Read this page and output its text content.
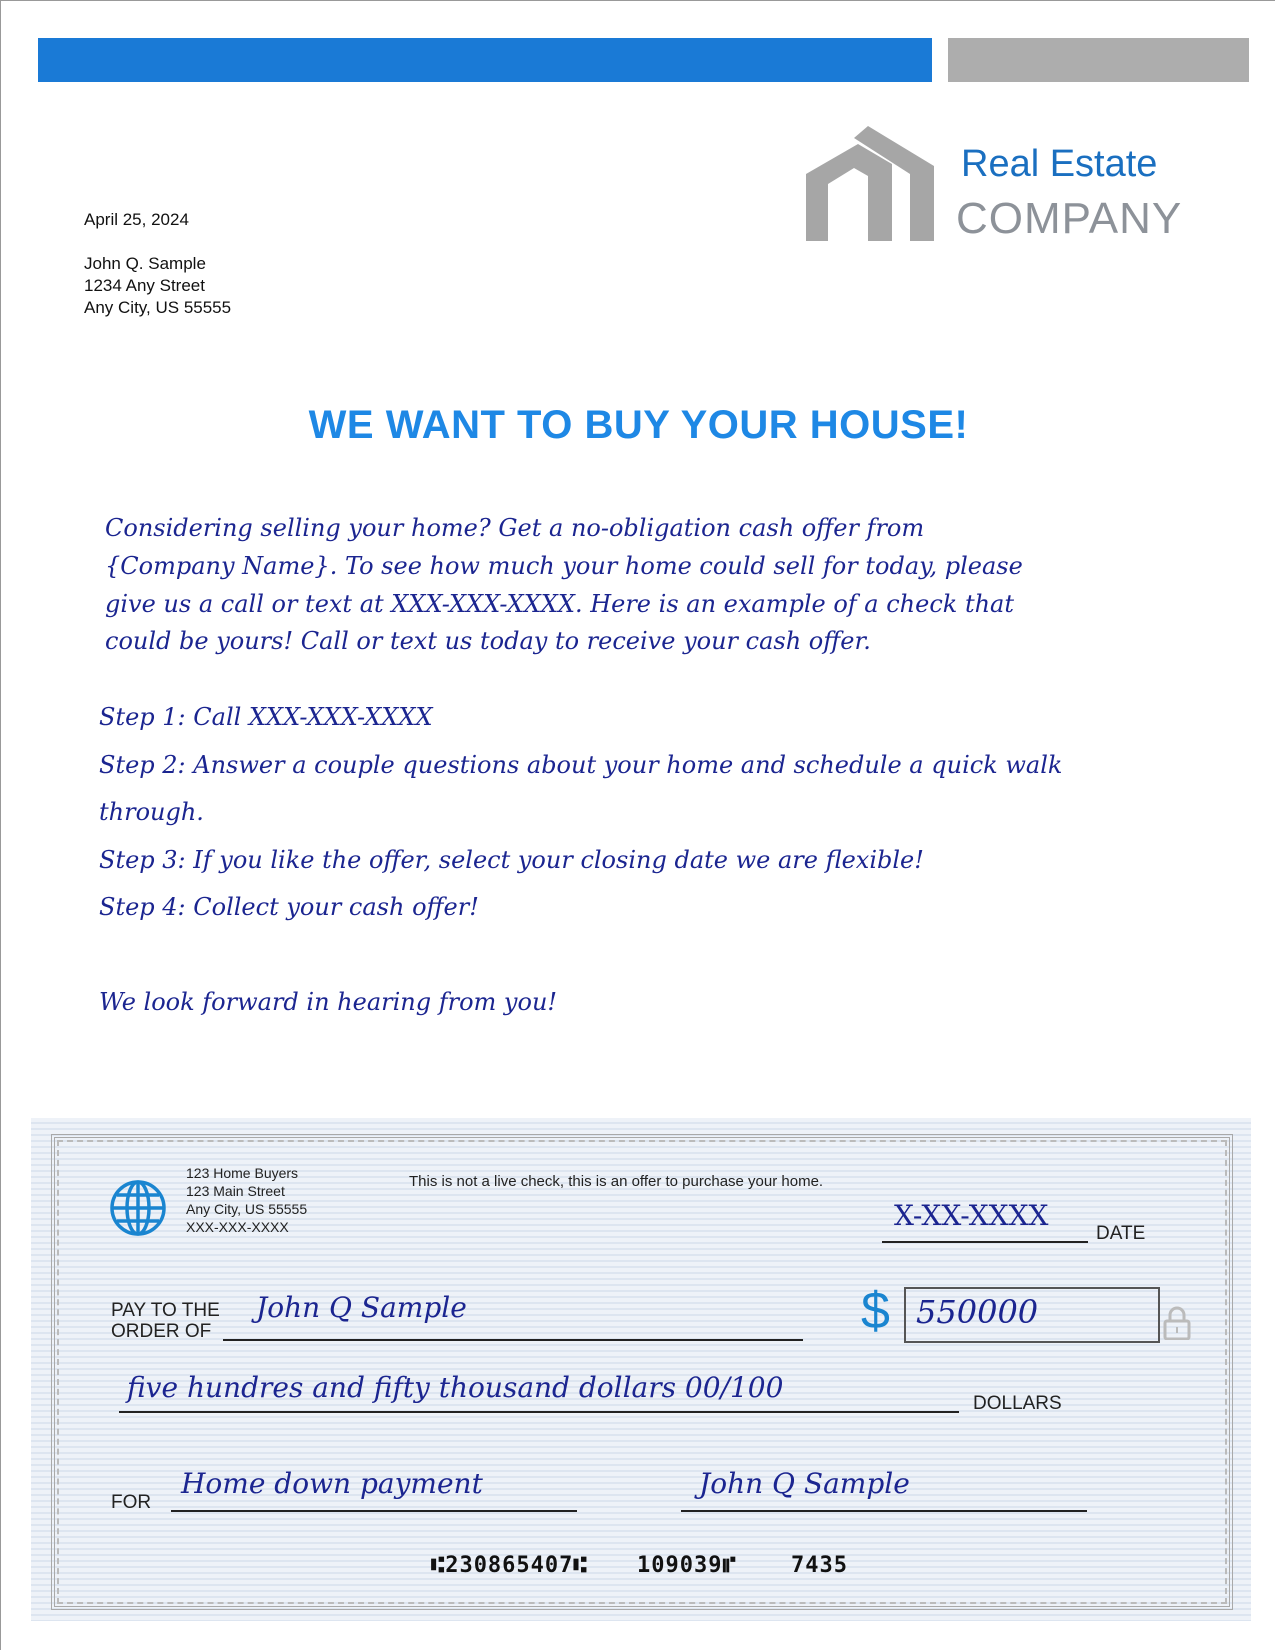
Real Estate
COMPANY
April 25, 2024
John Q. Sample
1234 Any Street
Any City, US 55555
WE WANT TO BUY YOUR HOUSE!
Considering selling your home? Get a no-obligation cash offer from
{Company Name}. To see how much your home could sell for today, please
give us a call or text at XXX-XXX-XXXX. Here is an example of a check that
could be yours! Call or text us today to receive your cash offer.
Step 1: Call XXX-XXX-XXXX
Step 2: Answer a couple questions about your home and schedule a quick walk
through.
Step 3: If you like the offer, select your closing date we are flexible!
Step 4: Collect your cash offer!
We look forward in hearing from you!
123 Home Buyers
123 Main Street
Any City, US 55555
XXX-XXX-XXXX
This is not a live check, this is an offer to purchase your home.
X-XX-XXXX
DATE
PAY TO THE
ORDER OF
John Q Sample	$ 550000
five hundres and fifty thousand dollars 00/100	DOLLARS
FOR
Home down payment	John Q Sample
⑆230865407⑆ 109039⑈ 7435
